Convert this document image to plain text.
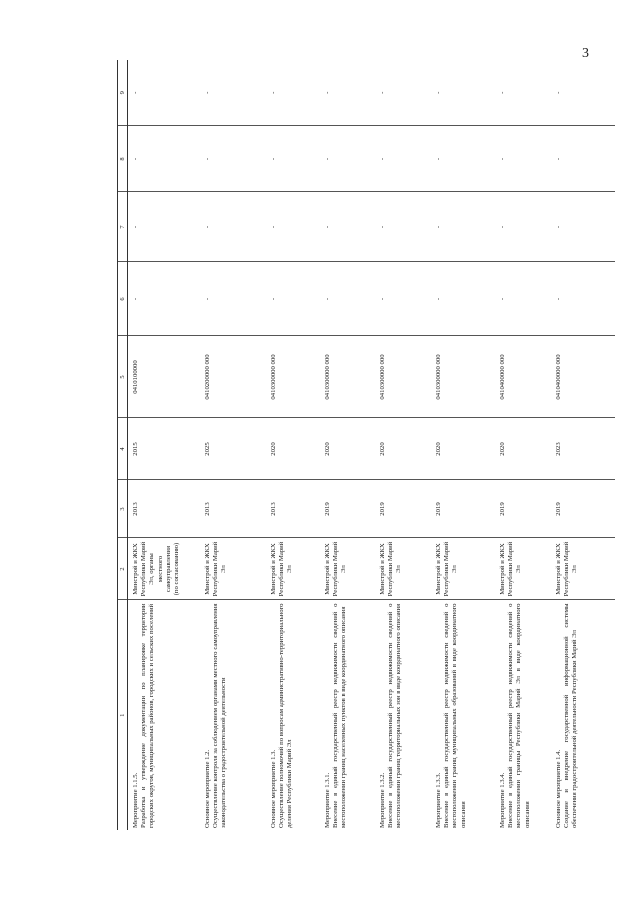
3
1	2	3	4	5	6	7	8	9
Мероприятие 1.1.5.
Разработка и утверждение документации по планировке территории городских округов, муниципальных районов, городских и сельских поселений	Минстрой и ЖКХ Республики Марий Эл, органы местного самоуправления (по согласованию)	2013	2015	0410100000	-	-	-	-
Основное мероприятие 1.2.
Осуществление контроля за соблюдением органами местного самоуправления законодательства о градостроительной деятельности	Минстрой и ЖКХ Республики Марий Эл	2013	2025	0410200000 000	-	-	-	-
Основное мероприятие 1.3.
Осуществление полномочий по вопросам административно-территориального деления Республики Марий Эл	Минстрой и ЖКХ Республики Марий Эл	2013	2020	0410300000 000	-	-	-	-
Мероприятие 1.3.1.
Внесение в единый государственный реестр недвижимости сведений о местоположении границ населенных пунктов в виде координатного описания	Минстрой и ЖКХ Республики Марий Эл	2019	2020	0410300000 000	-	-	-	-
Мероприятие 1.3.2.
Внесение в единый государственный реестр недвижимости сведений о местоположении границ территориальных зон в виде координатного описания	Минстрой и ЖКХ Республики Марий Эл	2019	2020	0410300000 000	-	-	-	-
Мероприятие 1.3.3.
Внесение в единый государственный реестр недвижимости сведений о местоположении границ муниципальных образований в виде координатного описания	Минстрой и ЖКХ Республики Марий Эл	2019	2020	0410300000 000	-	-	-	-
Мероприятие 1.3.4.
Внесение в единый государственный реестр недвижимости сведений о местоположении границы Республики Марий Эл в виде координатного описания	Минстрой и ЖКХ Республики Марий Эл	2019	2020	0410400000 000	-	-	-	-
Основное мероприятие 1.4.
Создание и внедрение государственной информационной системы обеспечения градостроительной деятельности Республики Марий Эл	Минстрой и ЖКХ Республики Марий Эл	2019	2023	0410400000 000	-	-	-	-
